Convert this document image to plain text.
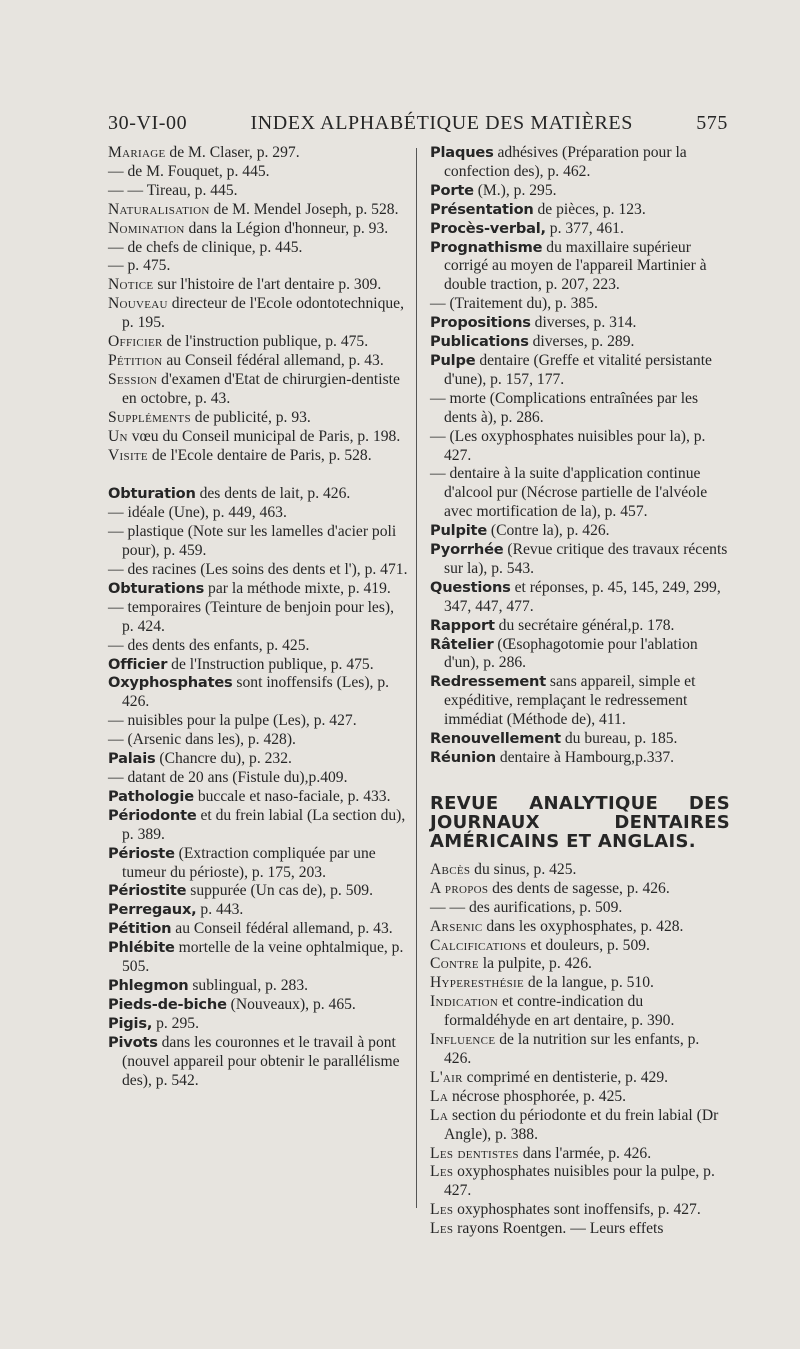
30-VI-00	INDEX ALPHABÉTIQUE DES MATIÈRES	575

Mariage de M. Claser, p. 297.

— de M. Fouquet, p. 445.

— — Tireau, p. 445.

Naturalisation de M. Mendel Joseph, p. 528.

Nomination dans la Légion d'honneur, p. 93.

— de chefs de clinique, p. 445.

— p. 475.

Notice sur l'histoire de l'art dentaire p. 309.

Nouveau directeur de l'Ecole odontotechnique, p. 195.

Officier de l'instruction publique, p. 475.

Pétition au Conseil fédéral allemand, p. 43.

Session d'examen d'Etat de chirurgien-dentiste en octobre, p. 43.

Suppléments de publicité, p. 93.

Un vœu du Conseil municipal de Paris, p. 198.

Visite de l'Ecole dentaire de Paris, p. 528.

Obturation des dents de lait, p. 426.

— idéale (Une), p. 449, 463.

— plastique (Note sur les lamelles d'acier poli pour), p. 459.

— des racines (Les soins des dents et l'), p. 471.

Obturations par la méthode mixte, p. 419.

— temporaires (Teinture de benjoin pour les), p. 424.

— des dents des enfants, p. 425.

Officier de l'Instruction publique, p. 475.

Oxyphosphates sont inoffensifs (Les), p. 426.

— nuisibles pour la pulpe (Les), p. 427.

— (Arsenic dans les), p. 428).

Palais (Chancre du), p. 232.

— datant de 20 ans (Fistule du),p.409.

Pathologie buccale et naso-faciale, p. 433.

Périodonte et du frein labial (La section du), p. 389.

Périoste (Extraction compliquée par une tumeur du périoste), p. 175, 203.

Périostite suppurée (Un cas de), p. 509.

Perregaux, p. 443.

Pétition au Conseil fédéral allemand, p. 43.

Phlébite mortelle de la veine ophtalmique, p. 505.

Phlegmon sublingual, p. 283.

Pieds-de-biche (Nouveaux), p. 465.

Pigis, p. 295.

Pivots dans les couronnes et le travail à pont (nouvel appareil pour obtenir le parallélisme des), p. 542.

Plaques adhésives (Préparation pour la confection des), p. 462.

Porte (M.), p. 295.

Présentation de pièces, p. 123.

Procès-verbal, p. 377, 461.

Prognathisme du maxillaire supérieur corrigé au moyen de l'appareil Martinier à double traction, p. 207, 223.

— (Traitement du), p. 385.

Propositions diverses, p. 314.

Publications diverses, p. 289.

Pulpe dentaire (Greffe et vitalité persistante d'une), p. 157, 177.

— morte (Complications entraînées par les dents à), p. 286.

— (Les oxyphosphates nuisibles pour la), p. 427.

— dentaire à la suite d'application continue d'alcool pur (Nécrose partielle de l'alvéole avec mortification de la), p. 457.

Pulpite (Contre la), p. 426.

Pyorrhée (Revue critique des travaux récents sur la), p. 543.

Questions et réponses, p. 45, 145, 249, 299, 347, 447, 477.

Rapport du secrétaire général,p. 178.

Râtelier (Œsophagotomie pour l'ablation d'un), p. 286.

Redressement sans appareil, simple et expéditive, remplaçant le redressement immédiat (Méthode de), 411.

Renouvellement du bureau, p. 185.

Réunion dentaire à Hambourg,p.337.

REVUE ANALYTIQUE DES JOURNAUX DENTAIRES AMÉRICAINS ET ANGLAIS.

Abcès du sinus, p. 425.

A propos des dents de sagesse, p. 426.

— — des aurifications, p. 509.

Arsenic dans les oxyphosphates, p. 428.

Calcifications et douleurs, p. 509.

Contre la pulpite, p. 426.

Hyperesthésie de la langue, p. 510.

Indication et contre-indication du formaldéhyde en art dentaire, p. 390.

Influence de la nutrition sur les enfants, p. 426.

L'air comprimé en dentisterie, p. 429.

La nécrose phosphorée, p. 425.

La section du périodonte et du frein labial (Dr Angle), p. 388.

Les dentistes dans l'armée, p. 426.

Les oxyphosphates nuisibles pour la pulpe, p. 427.

Les oxyphosphates sont inoffensifs, p. 427.

Les rayons Roentgen. — Leurs effets
